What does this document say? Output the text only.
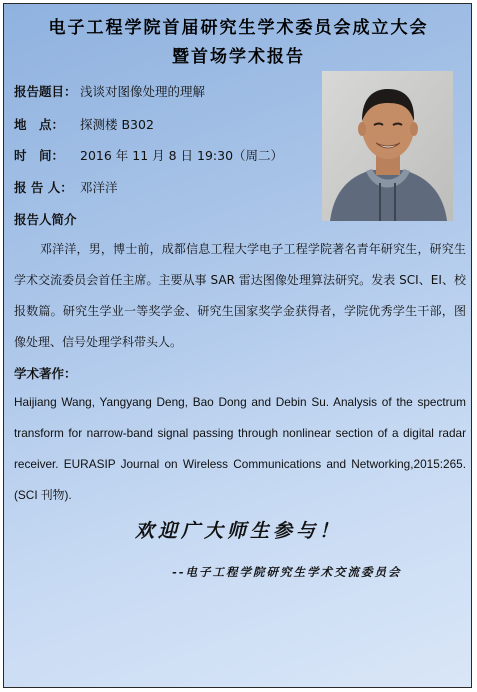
电子工程学院首届研究生学术委员会成立大会
暨首场学术报告
报告题目： 浅谈对图像处理的理解
地　点： 探测楼 B302
时　间： 2016 年 11 月 8 日 19:30（周二）
报 告 人： 邓洋洋
报告人简介

邓洋洋，男，博士前，成都信息工程大学电子工程学院著名青年研究生，研究生学术交流委员会首任主席。主要从事 SAR 雷达图像处理算法研究。发表 SCI、EI、校报数篇。研究生学业一等奖学金、研究生国家奖学金获得者，学院优秀学生干部，图像处理、信号处理学科带头人。

学术著作：

Haijiang Wang, Yangyang Deng, Bao Dong and Debin Su. Analysis of the spectrum transform for narrow-band signal passing through nonlinear section of a digital radar receiver. EURASIP Journal on Wireless Communications and Networking,2015:265. (SCI 刊物).

欢迎广大师生参与！
--电子工程学院研究生学术交流委员会
